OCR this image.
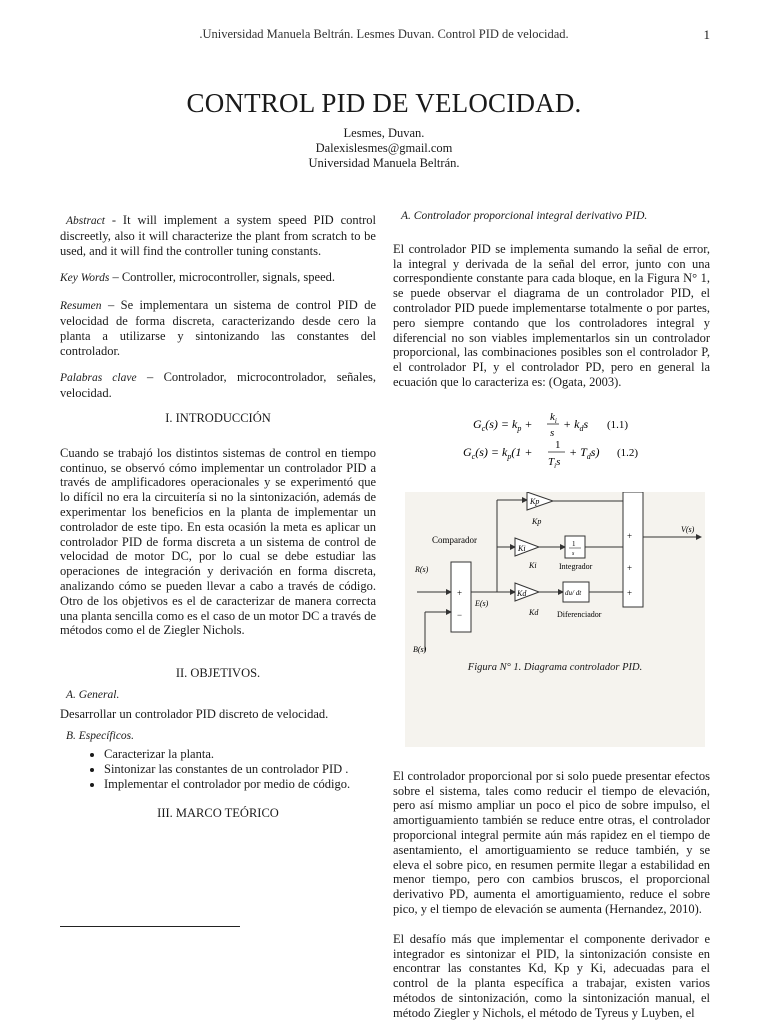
.Universidad Manuela Beltrán. Lesmes Duvan. Control PID de velocidad.	1
CONTROL PID DE VELOCIDAD.
Lesmes, Duvan.
Dalexislesmes@gmail.com
Universidad Manuela Beltrán.

Abstract - It will implement a system speed PID control discreetly, also it will characterize the plant from scratch to be used, and it will find the controller tuning constants.

Key Words – Controller, microcontroller, signals, speed.

Resumen – Se implementara un sistema de control PID de velocidad de forma discreta, caracterizando desde cero la planta a utilizarse y sintonizando las constantes del controlador.

Palabras clave – Controlador, microcontrolador, señales, velocidad.

I. INTRODUCCIÓN

Cuando se trabajó los distintos sistemas de control en tiempo continuo, se observó cómo implementar un controlador PID a través de amplificadores operacionales y se experimentó que lo difícil no era la circuitería si no la sintonización, además de experimentar los beneficios en la planta de implementar un controlador de este tipo. En esta ocasión la meta es aplicar un controlador PID de forma discreta a un sistema de control de velocidad de motor DC, por lo cual se debe estudiar las operaciones de integración y derivación en forma discreta, analizando cómo se pueden llevar a cabo a través de código. Otro de los objetivos es el de caracterizar de manera correcta una planta sencilla como es el caso de un motor DC a través de métodos como el de Ziegler Nichols.

II. OBJETIVOS.

A. General.

Desarrollar un controlador PID discreto de velocidad.

B. Específicos.

• Caracterizar la planta.
• Sintonizar las constantes de un controlador PID .
• Implementar el controlador por medio de código.

III. MARCO TEÓRICO

A. Controlador proporcional integral derivativo PID.

El controlador PID se implementa sumando la señal de error, la integral y derivada de la señal del error, junto con una correspondiente constante para cada bloque, en la Figura N° 1, se puede observar el diagrama de un controlador PID, el controlador PID puede implementarse totalmente o por partes, pero siempre contando que los controladores integral y diferencial no son viables implementarlos sin un controlador proporcional, las combinaciones posibles son el controlador P, el controlador PI, y el controlador PD, pero en general la ecuación que lo caracteriza es: (Ogata, 2003).

$G_c(s) = k_p + k_i$
s
+ $k_ds$ (1.1)
$G_c(s) = k_p(1 + 1$
$T_is$
+ $T_ds$) (1.2)
+
−
Comparador
R(s)
B(s)
E(s)
Kp
Kp
Ki
Ki
1
s
Integrador
Kd
Kd
du/ dt
Diferenciador
+
+
+
V(s)
Figura N° 1. Diagrama controlador PID.

El controlador proporcional por si solo puede presentar efectos sobre el sistema, tales como reducir el tiempo de elevación, pero así mismo ampliar un poco el pico de sobre impulso, el amortiguamiento también se reduce entre otras, el controlador proporcional integral permite aún más rapidez en el tiempo de asentamiento, el amortiguamiento se reduce también, y se eleva el sobre pico, en resumen permite llegar a estabilidad en menor tiempo, pero con cambios bruscos, el proporcional derivativo PD, aumenta el amortiguamiento, reduce el sobre pico, y el tiempo de elevación se aumenta (Hernandez, 2010).

El desafío más que implementar el componente derivador e integrador es sintonizar el PID, la sintonización consiste en encontrar las constantes Kd, Kp y Ki, adecuadas para el control de la planta específica a trabajar, existen varios métodos de sintonización, como la sintonización manual, el método Ziegler y Nichols, el método de Tyreus y Luyben, el
